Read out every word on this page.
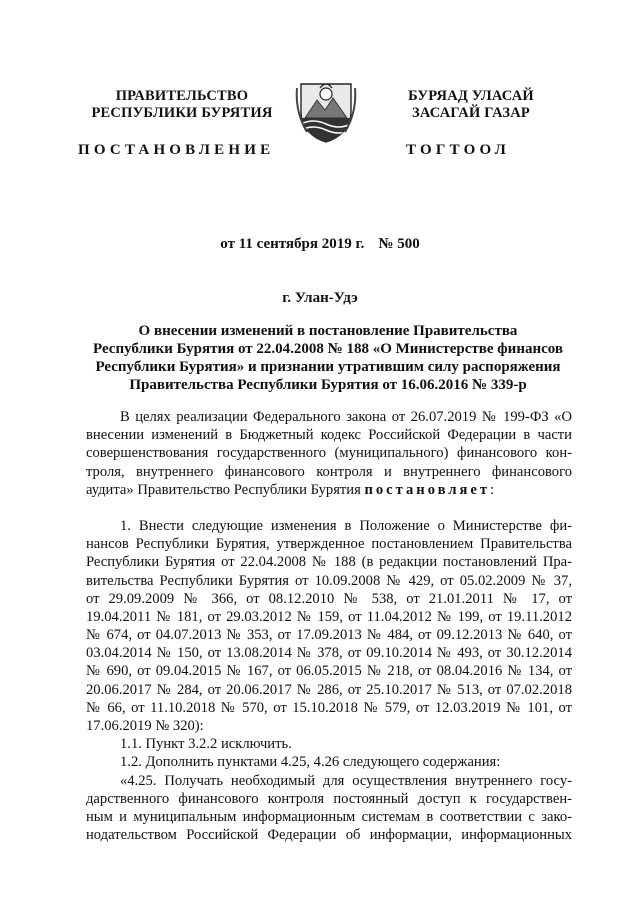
ПРАВИТЕЛЬСТВО
РЕСПУБЛИКИ БУРЯТИЯ
БУРЯАД УЛАСАЙ
ЗАСАГАЙ ГАЗАР
ПОСТАНОВЛЕНИЕ	ТОГТООЛ
от 11 сентября 2019 г. № 500
г. Улан-Удэ
О внесении изменений в постановление Правительства
Республики Бурятия от 22.04.2008 № 188 «О Министерстве финансов
Республики Бурятия» и признании утратившим силу распоряжения
Правительства Республики Бурятия от 16.06.2016 № 339-р
В целях реализации Федерального закона от 26.07.2019 № 199-ФЗ «О
внесении изменений в Бюджетный кодекс Российской Федерации в части
совершенствования государственного (муниципального) финансового кон-
троля, внутреннего финансового контроля и внутреннего финансового
аудита» Правительство Республики Бурятия постановляет:
1. Внести следующие изменения в Положение о Министерстве фи-
нансов Республики Бурятия, утвержденное постановлением Правительства
Республики Бурятия от 22.04.2008 № 188 (в редакции постановлений Пра-
вительства Республики Бурятия от 10.09.2008 № 429, от 05.02.2009 № 37,
от 29.09.2009 № 366, от 08.12.2010 № 538, от 21.01.2011 № 17, от
19.04.2011 № 181, от 29.03.2012 № 159, от 11.04.2012 № 199, от 19.11.2012
№ 674, от 04.07.2013 № 353, от 17.09.2013 № 484, от 09.12.2013 № 640, от
03.04.2014 № 150, от 13.08.2014 № 378, от 09.10.2014 № 493, от 30.12.2014
№ 690, от 09.04.2015 № 167, от 06.05.2015 № 218, от 08.04.2016 № 134, от
20.06.2017 № 284, от 20.06.2017 № 286, от 25.10.2017 № 513, от 07.02.2018
№ 66, от 11.10.2018 № 570, от 15.10.2018 № 579, от 12.03.2019 № 101, от
17.06.2019 № 320):
1.1. Пункт 3.2.2 исключить.
1.2. Дополнить пунктами 4.25, 4.26 следующего содержания:
«4.25. Получать необходимый для осуществления внутреннего госу-
дарственного финансового контроля постоянный доступ к государствен-
ным и муниципальным информационным системам в соответствии с зако-
нодательством Российской Федерации об информации, информационных
